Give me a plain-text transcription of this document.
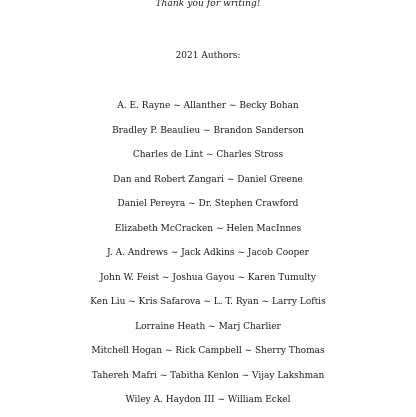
Thank you for writing!
2021 Authors:
A. E. Rayne ~ Allanther ~ Becky Bohan
Bradley P. Beaulieu ~ Brandon Sanderson
Charles de Lint ~ Charles Stross
Dan and Robert Zangari ~ Daniel Greene
Daniel Pereyra ~ Dr. Stephen Crawford
Elizabeth McCracken ~ Helen MacInnes
J. A. Andrews ~ Jack Adkins ~ Jacob Cooper
John W. Feist ~ Joshua Gayou ~ Karen Tumulty
Ken Liu ~ Kris Safarova ~ L. T. Ryan ~ Larry Loftis
Lorraine Heath ~ Marj Charlier
Mitchell Hogan ~ Rick Campbell ~ Sherry Thomas
Tahereh Mafri ~ Tabitha Kenlon ~ Vijay Lakshman
Wiley A. Haydon III ~ William Eckel
